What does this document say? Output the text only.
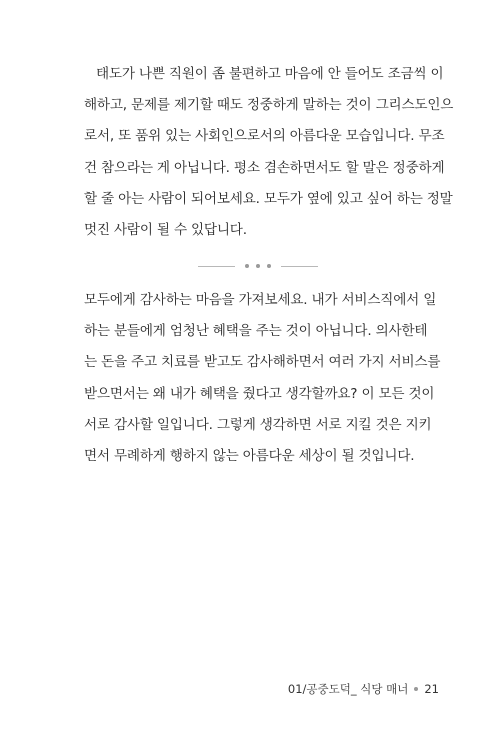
태도가 나쁜 직원이 좀 불편하고 마음에 안 들어도 조금씩 이
해하고, 문제를 제기할 때도 정중하게 말하는 것이 그리스도인으
로서, 또 품위 있는 사회인으로서의 아름다운 모습입니다. 무조
건 참으라는 게 아닙니다. 평소 겸손하면서도 할 말은 정중하게
할 줄 아는 사람이 되어보세요. 모두가 옆에 있고 싶어 하는 정말
멋진 사람이 될 수 있답니다.
모두에게 감사하는 마음을 가져보세요. 내가 서비스직에서 일
하는 분들에게 엄청난 혜택을 주는 것이 아닙니다. 의사한테
는 돈을 주고 치료를 받고도 감사해하면서 여러 가지 서비스를
받으면서는 왜 내가 혜택을 줬다고 생각할까요? 이 모든 것이
서로 감사할 일입니다. 그렇게 생각하면 서로 지킬 것은 지키
면서 무례하게 행하지 않는 아름다운 세상이 될 것입니다.
01/공중도덕_ 식당 매너 21
